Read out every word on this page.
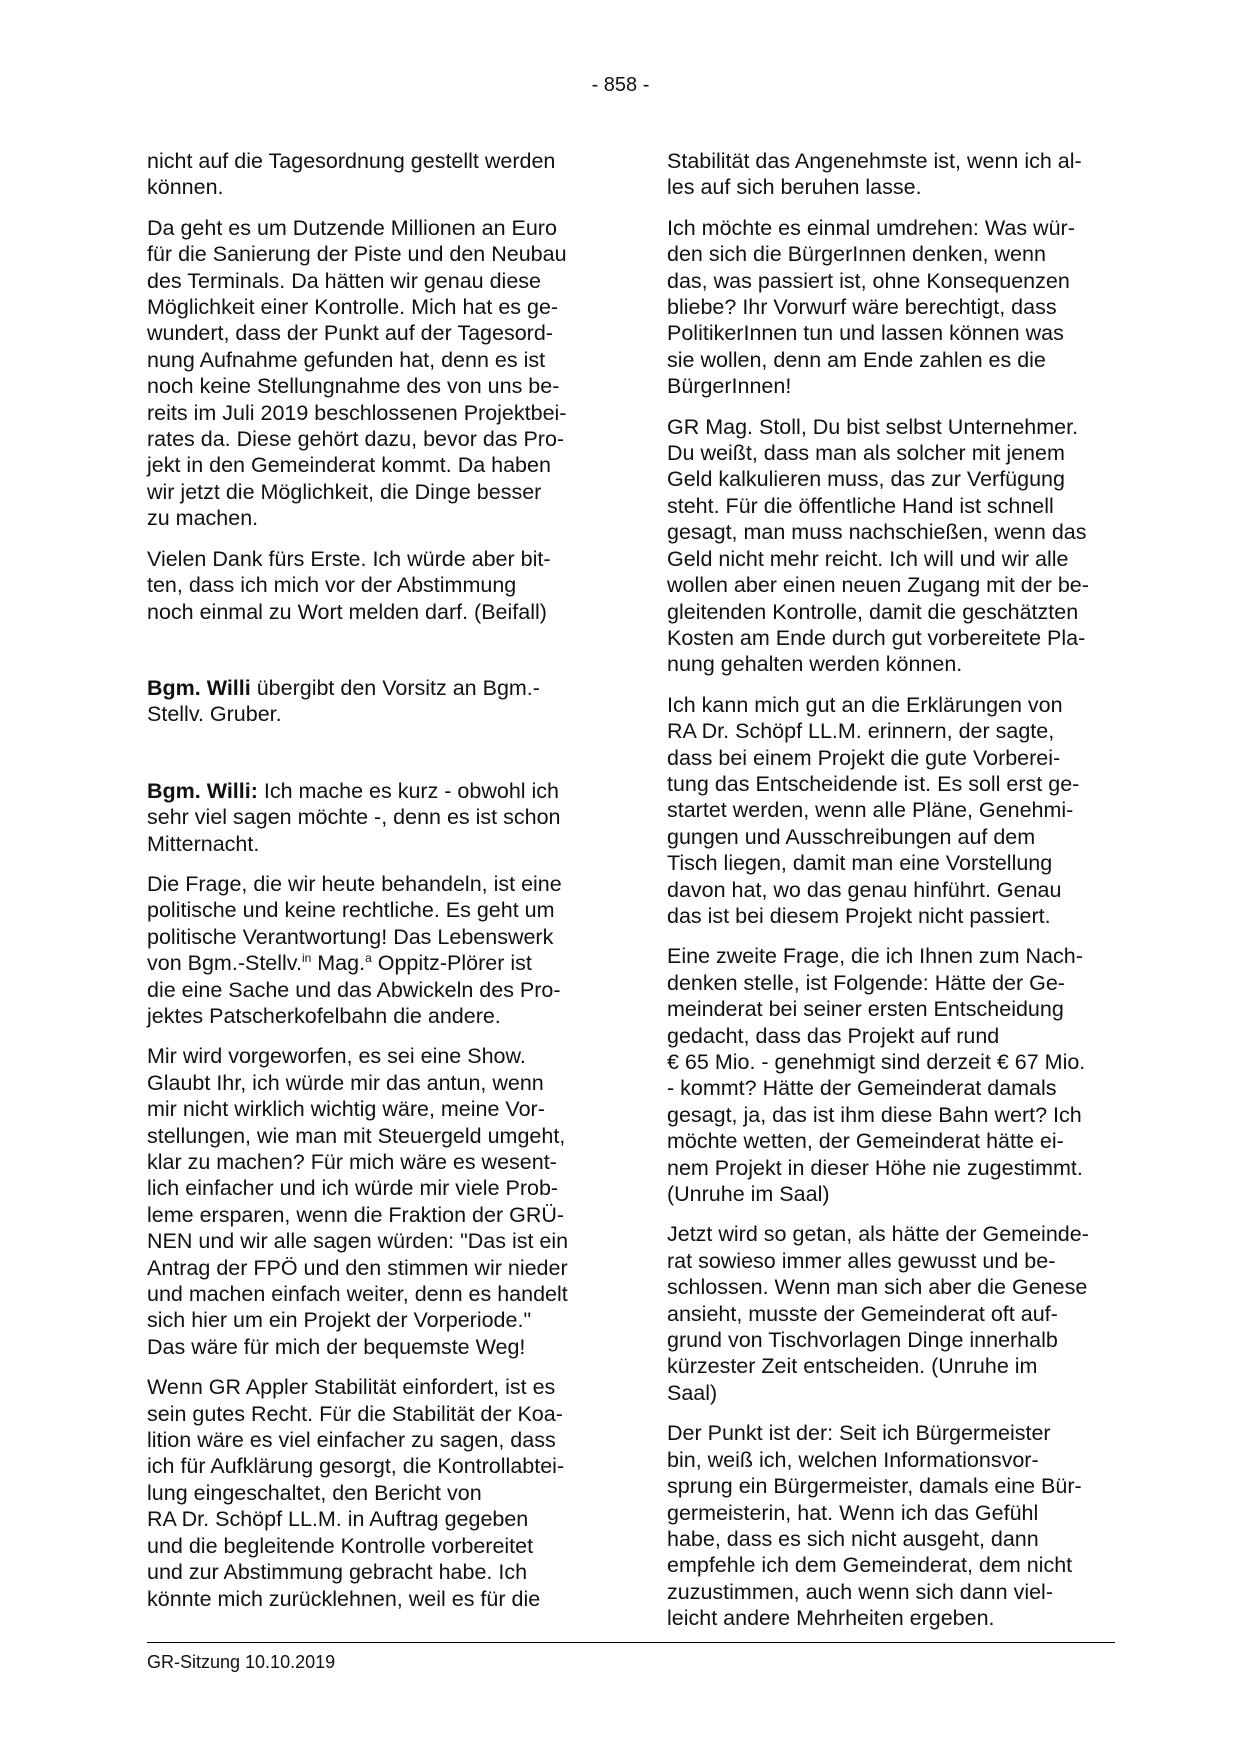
- 858 -

nicht auf die Tagesordnung gestellt werden
können.

Da geht es um Dutzende Millionen an Euro
für die Sanierung der Piste und den Neubau
des Terminals. Da hätten wir genau diese
Möglichkeit einer Kontrolle. Mich hat es ge-
wundert, dass der Punkt auf der Tagesord-
nung Aufnahme gefunden hat, denn es ist
noch keine Stellungnahme des von uns be-
reits im Juli 2019 beschlossenen Projektbei-
rates da. Diese gehört dazu, bevor das Pro-
jekt in den Gemeinderat kommt. Da haben
wir jetzt die Möglichkeit, die Dinge besser
zu machen.

Vielen Dank fürs Erste. Ich würde aber bit-
ten, dass ich mich vor der Abstimmung
noch einmal zu Wort melden darf. (Beifall)

Bgm. Willi übergibt den Vorsitz an Bgm.-
Stellv. Gruber.

Bgm. Willi: Ich mache es kurz - obwohl ich
sehr viel sagen möchte -, denn es ist schon
Mitternacht.

Die Frage, die wir heute behandeln, ist eine
politische und keine rechtliche. Es geht um
politische Verantwortung! Das Lebenswerk
von Bgm.-Stellv.$^{in}$ Mag.$^a$ Oppitz-Plörer ist
die eine Sache und das Abwickeln des Pro-
jektes Patscherkofelbahn die andere.

Mir wird vorgeworfen, es sei eine Show.
Glaubt Ihr, ich würde mir das antun, wenn
mir nicht wirklich wichtig wäre, meine Vor-
stellungen, wie man mit Steuergeld umgeht,
klar zu machen? Für mich wäre es wesent-
lich einfacher und ich würde mir viele Prob-
leme ersparen, wenn die Fraktion der GRÜ-
NEN und wir alle sagen würden: "Das ist ein
Antrag der FPÖ und den stimmen wir nieder
und machen einfach weiter, denn es handelt
sich hier um ein Projekt der Vorperiode."
Das wäre für mich der bequemste Weg!

Wenn GR Appler Stabilität einfordert, ist es
sein gutes Recht. Für die Stabilität der Koa-
lition wäre es viel einfacher zu sagen, dass
ich für Aufklärung gesorgt, die Kontrollabtei-
lung eingeschaltet, den Bericht von
RA Dr. Schöpf LL.M. in Auftrag gegeben
und die begleitende Kontrolle vorbereitet
und zur Abstimmung gebracht habe. Ich
könnte mich zurücklehnen, weil es für die

Stabilität das Angenehmste ist, wenn ich al-
les auf sich beruhen lasse.

Ich möchte es einmal umdrehen: Was wür-
den sich die BürgerInnen denken, wenn
das, was passiert ist, ohne Konsequenzen
bliebe? Ihr Vorwurf wäre berechtigt, dass
PolitikerInnen tun und lassen können was
sie wollen, denn am Ende zahlen es die
BürgerInnen!

GR Mag. Stoll, Du bist selbst Unternehmer.
Du weißt, dass man als solcher mit jenem
Geld kalkulieren muss, das zur Verfügung
steht. Für die öffentliche Hand ist schnell
gesagt, man muss nachschießen, wenn das
Geld nicht mehr reicht. Ich will und wir alle
wollen aber einen neuen Zugang mit der be-
gleitenden Kontrolle, damit die geschätzten
Kosten am Ende durch gut vorbereitete Pla-
nung gehalten werden können.

Ich kann mich gut an die Erklärungen von
RA Dr. Schöpf LL.M. erinnern, der sagte,
dass bei einem Projekt die gute Vorberei-
tung das Entscheidende ist. Es soll erst ge-
startet werden, wenn alle Pläne, Genehmi-
gungen und Ausschreibungen auf dem
Tisch liegen, damit man eine Vorstellung
davon hat, wo das genau hinführt. Genau
das ist bei diesem Projekt nicht passiert.

Eine zweite Frage, die ich Ihnen zum Nach-
denken stelle, ist Folgende: Hätte der Ge-
meinderat bei seiner ersten Entscheidung
gedacht, dass das Projekt auf rund
€ 65 Mio. - genehmigt sind derzeit € 67 Mio.
- kommt? Hätte der Gemeinderat damals
gesagt, ja, das ist ihm diese Bahn wert? Ich
möchte wetten, der Gemeinderat hätte ei-
nem Projekt in dieser Höhe nie zugestimmt.
(Unruhe im Saal)

Jetzt wird so getan, als hätte der Gemeinde-
rat sowieso immer alles gewusst und be-
schlossen. Wenn man sich aber die Genese
ansieht, musste der Gemeinderat oft auf-
grund von Tischvorlagen Dinge innerhalb
kürzester Zeit entscheiden. (Unruhe im
Saal)

Der Punkt ist der: Seit ich Bürgermeister
bin, weiß ich, welchen Informationsvor-
sprung ein Bürgermeister, damals eine Bür-
germeisterin, hat. Wenn ich das Gefühl
habe, dass es sich nicht ausgeht, dann
empfehle ich dem Gemeinderat, dem nicht
zuzustimmen, auch wenn sich dann viel-
leicht andere Mehrheiten ergeben.

GR-Sitzung 10.10.2019
